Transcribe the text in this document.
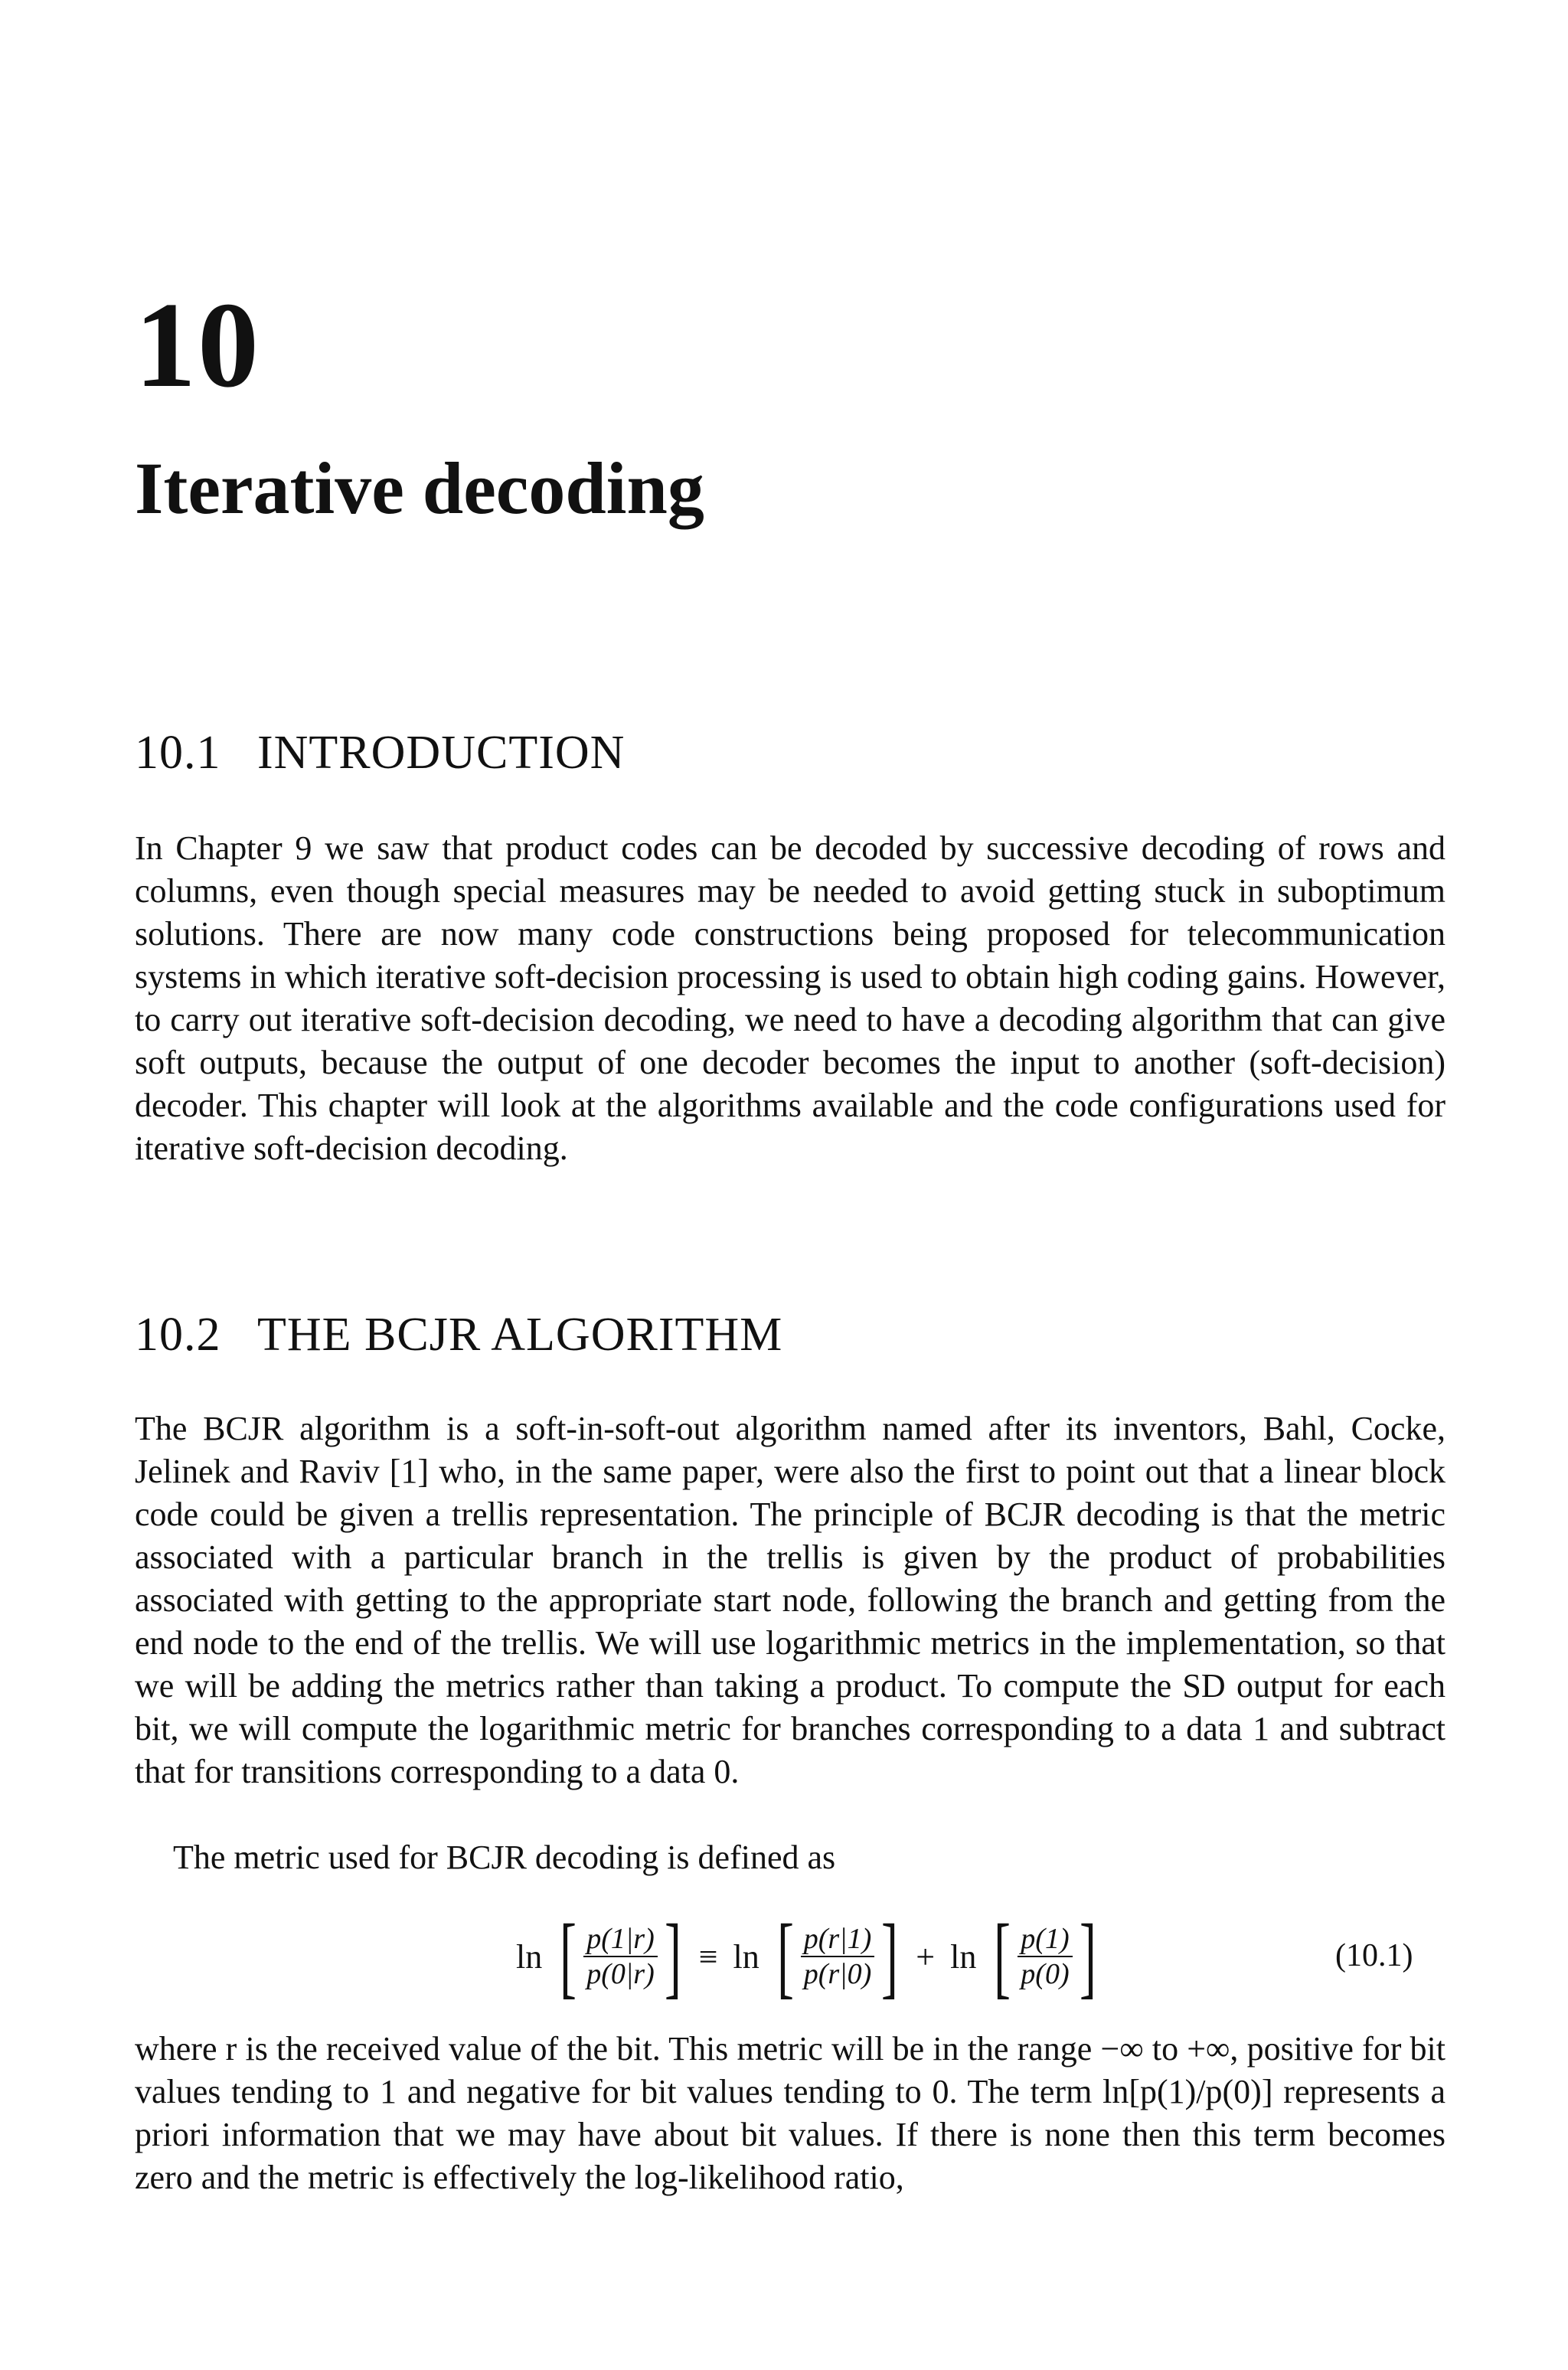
10
Iterative decoding
10.1 INTRODUCTION

In Chapter 9 we saw that product codes can be decoded by successive decoding of rows and columns, even though special measures may be needed to avoid getting stuck in suboptimum solutions. There are now many code constructions being proposed for telecommunication systems in which iterative soft-decision processing is used to obtain high coding gains. However, to carry out iterative soft-decision decoding, we need to have a decoding algorithm that can give soft outputs, because the output of one decoder becomes the input to another (soft-decision) decoder. This chapter will look at the algorithms available and the code configurations used for iterative soft-decision decoding.

10.2 THE BCJR ALGORITHM

The BCJR algorithm is a soft-in-soft-out algorithm named after its inventors, Bahl, Cocke, Jelinek and Raviv [1] who, in the same paper, were also the first to point out that a linear block code could be given a trellis representation. The principle of BCJR decoding is that the metric associated with a particular branch in the trellis is given by the product of probabilities associated with getting to the appropriate start node, following the branch and getting from the end node to the end of the trellis. We will use logarithmic metrics in the implementation, so that we will be adding the metrics rather than taking a product. To compute the SD output for each bit, we will compute the logarithmic metric for branches corresponding to a data 1 and subtract that for transitions corresponding to a data 0.

The metric used for BCJR decoding is defined as

ln [ $\frac{p(1|r)}{p(0|r)}$ ] ≡ ln [ $\frac{p(r|1)}{p(r|0)}$ ] + ln [ $\frac{p(1)}{p(0)}$ ]	(10.1)

where r is the received value of the bit. This metric will be in the range −∞ to +∞, positive for bit values tending to 1 and negative for bit values tending to 0. The term ln[p(1)/p(0)] represents a priori information that we may have about bit values. If there is none then this term becomes zero and the metric is effectively the log-likelihood ratio,
